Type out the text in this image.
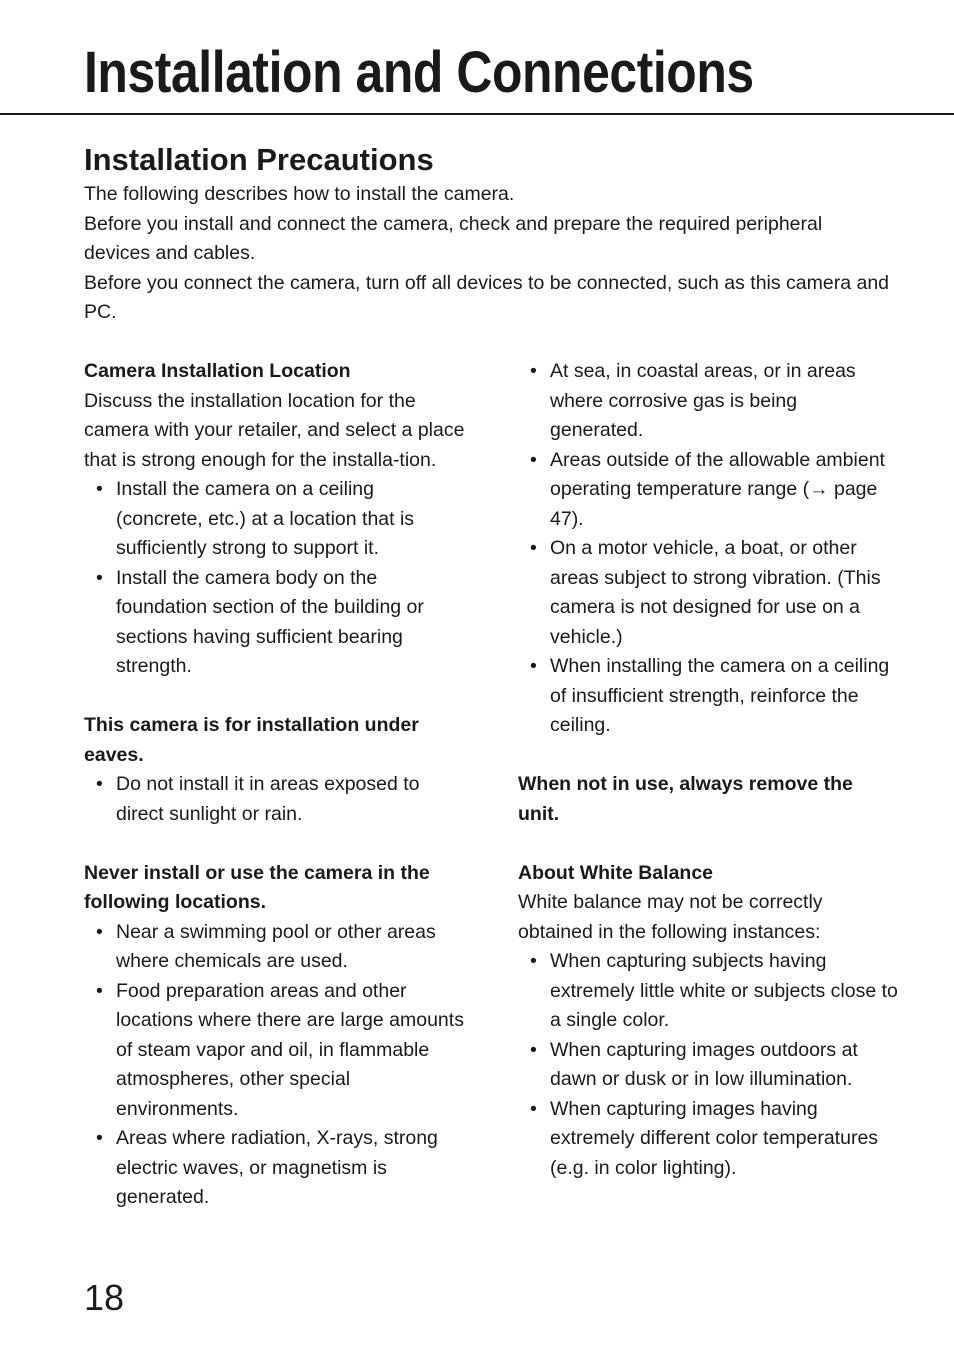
Installation and Connections
Installation Precautions

The following describes how to install the camera.

Before you install and connect the camera, check and prepare the required peripheral devices and cables.

Before you connect the camera, turn off all devices to be connected, such as this camera and PC.

Camera Installation Location

Discuss the installation location for the camera with your retailer, and select a place that is strong enough for the installa-tion.

• Install the camera on a ceiling (concrete, etc.) at a location that is sufficiently strong to support it.
• Install the camera body on the foundation section of the building or sections having sufficient bearing strength.

This camera is for installation under eaves.

• Do not install it in areas exposed to direct sunlight or rain.

Never install or use the camera in the following locations.

• Near a swimming pool or other areas where chemicals are used.
• Food preparation areas and other locations where there are large amounts of steam vapor and oil, in flammable atmospheres, other special environments.
• Areas where radiation, X-rays, strong electric waves, or magnetism is generated.
• At sea, in coastal areas, or in areas where corrosive gas is being generated.
• Areas outside of the allowable ambient operating temperature range (→ page 47).
• On a motor vehicle, a boat, or other areas subject to strong vibration. (This camera is not designed for use on a vehicle.)
• When installing the camera on a ceiling of insufficient strength, reinforce the ceiling.

When not in use, always remove the unit.

About White Balance

White balance may not be correctly obtained in the following instances:

• When capturing subjects having extremely little white or subjects close to a single color.
• When capturing images outdoors at dawn or dusk or in low illumination.
• When capturing images having extremely different color temperatures (e.g. in color lighting).

18
